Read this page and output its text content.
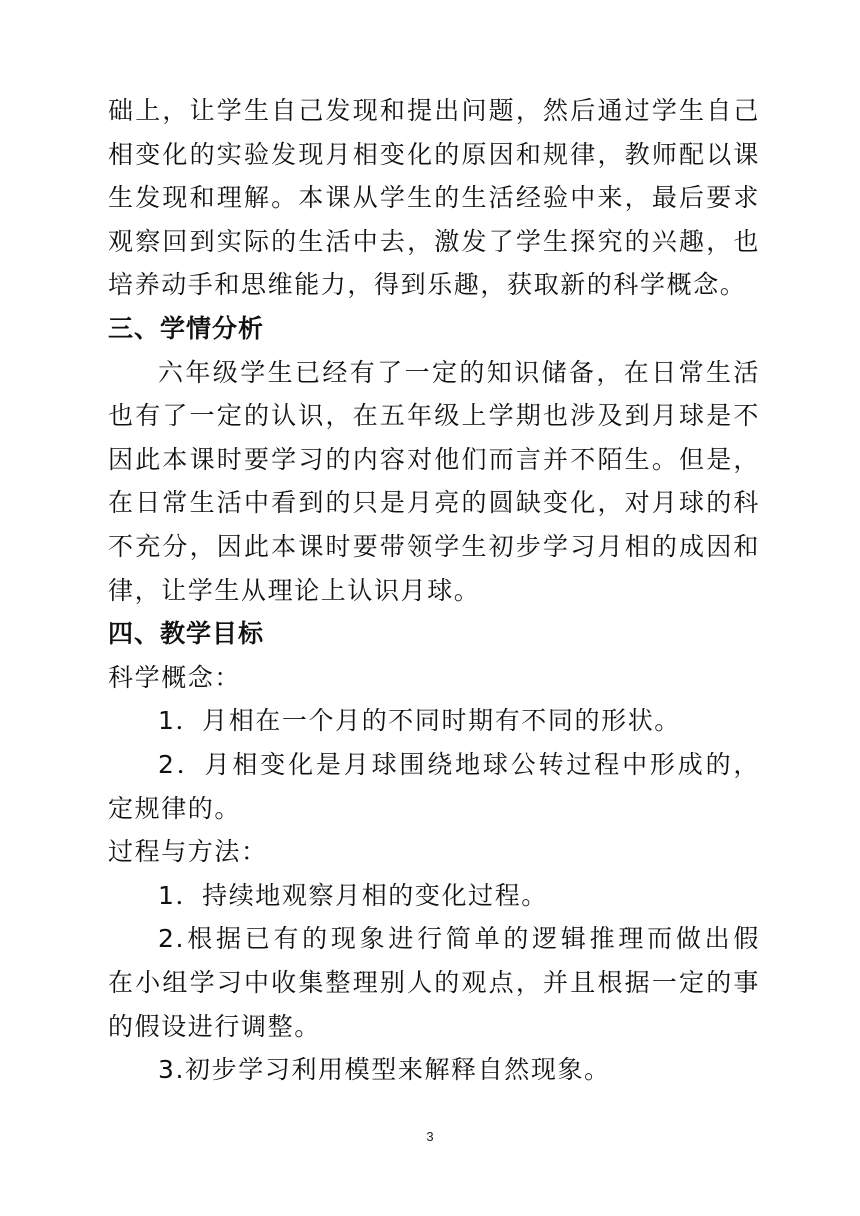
础上，让学生自己发现和提出问题，然后通过学生自己
相变化的实验发现月相变化的原因和规律，教师配以课
生发现和理解。本课从学生的生活经验中来，最后要求
观察回到实际的生活中去，激发了学生探究的兴趣，也
培养动手和思维能力，得到乐趣，获取新的科学概念。
三、学情分析
六年级学生已经有了一定的知识储备，在日常生活
也有了一定的认识，在五年级上学期也涉及到月球是不
因此本课时要学习的内容对他们而言并不陌生。但是，
在日常生活中看到的只是月亮的圆缺变化，对月球的科
不充分，因此本课时要带领学生初步学习月相的成因和
律，让学生从理论上认识月球。
四、教学目标
科学概念：
1．月相在一个月的不同时期有不同的形状。
2．月相变化是月球围绕地球公转过程中形成的，
定规律的。
过程与方法：
1．持续地观察月相的变化过程。
2.根据已有的现象进行简单的逻辑推理而做出假
在小组学习中收集整理别人的观点，并且根据一定的事
的假设进行调整。
3.初步学习利用模型来解释自然现象。
3
